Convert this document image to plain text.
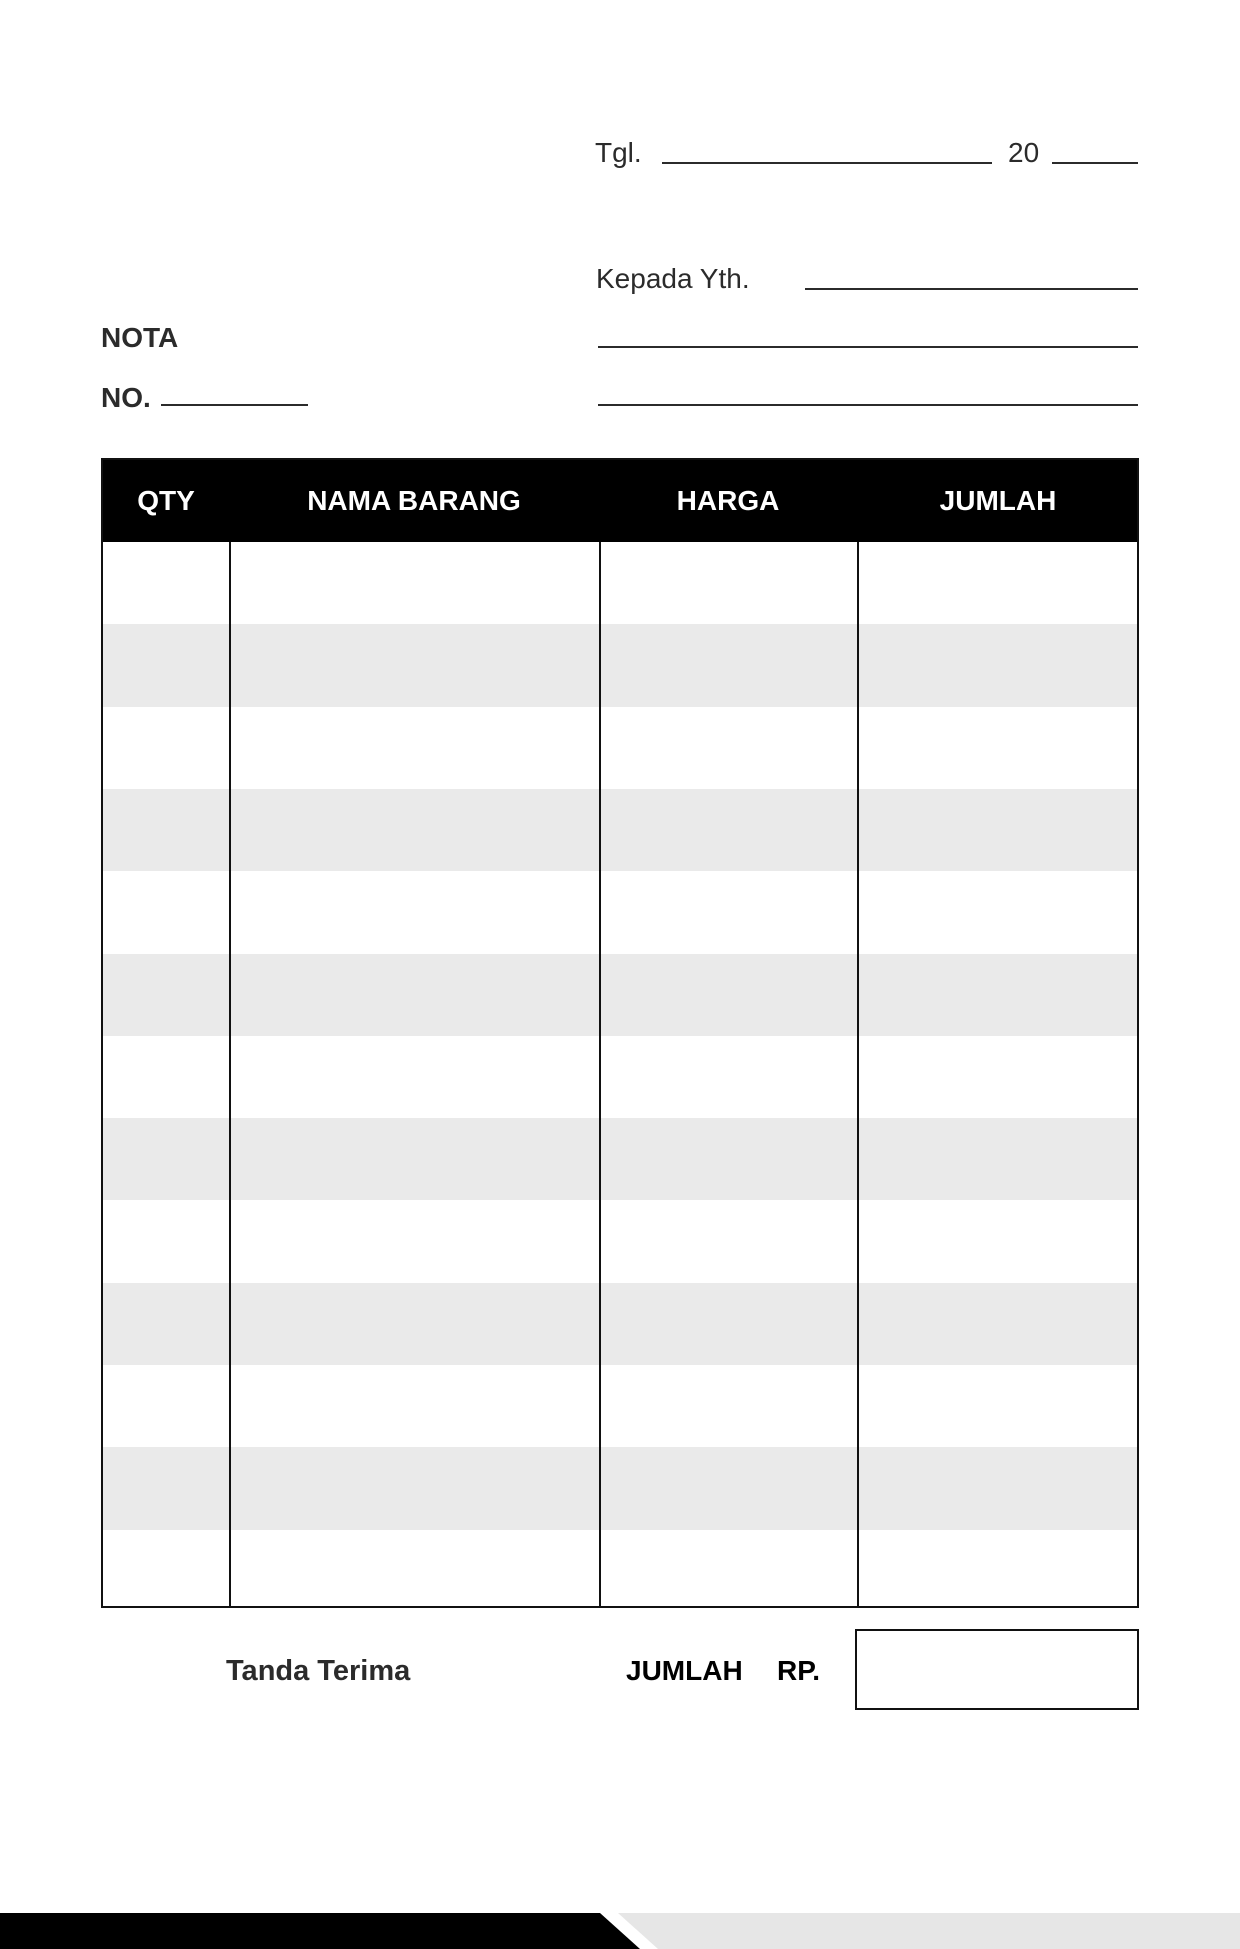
Tgl.	20
Kepada Yth.
NOTA
NO.
QTY	NAMA BARANG	HARGA	JUMLAH
Tanda Terima	JUMLAH RP.
